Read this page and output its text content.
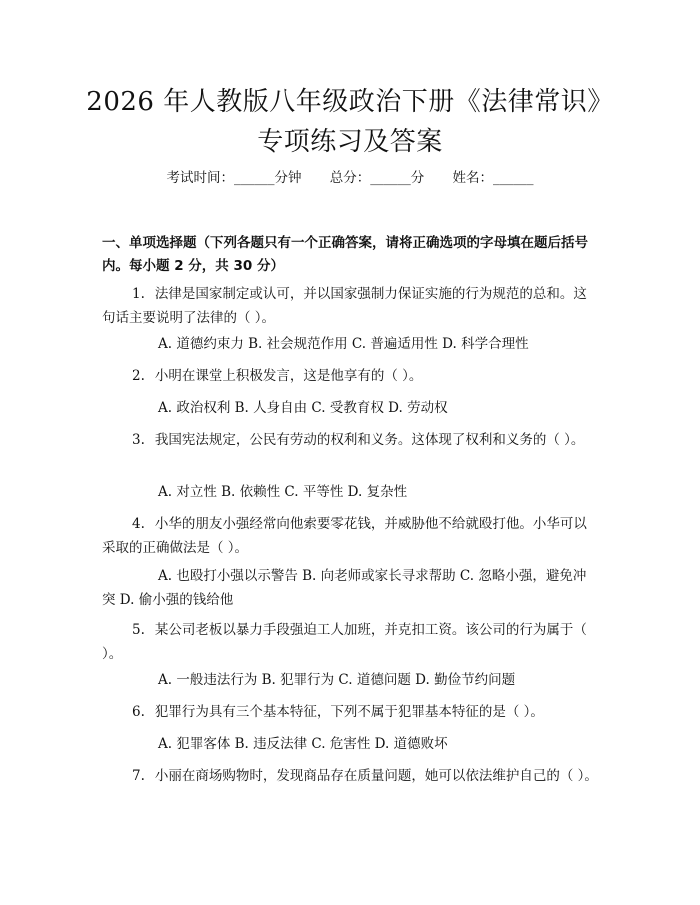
2026 年人教版八年级政治下册《法律常识》
专项练习及答案
考试时间：______分钟 总分：______分 姓名：______
一、单项选择题（下列各题只有一个正确答案，请将正确选项的字母填在题后括号内。每小题 2 分，共 30 分）
1. 法律是国家制定或认可，并以国家强制力保证实施的行为规范的总和。这句话主要说明了法律的（ ）。
A. 道德约束力 B. 社会规范作用 C. 普遍适用性 D. 科学合理性
2. 小明在课堂上积极发言，这是他享有的（ ）。
A. 政治权利 B. 人身自由 C. 受教育权 D. 劳动权
3. 我国宪法规定，公民有劳动的权利和义务。这体现了权利和义务的（ ）。
A. 对立性 B. 依赖性 C. 平等性 D. 复杂性
4. 小华的朋友小强经常向他索要零花钱，并威胁他不给就殴打他。小华可以采取的正确做法是（ ）。
A. 也殴打小强以示警告 B. 向老师或家长寻求帮助 C. 忽略小强，避免冲突 D. 偷小强的钱给他
5. 某公司老板以暴力手段强迫工人加班，并克扣工资。该公司的行为属于（ ）。
A. 一般违法行为 B. 犯罪行为 C. 道德问题 D. 勤俭节约问题
6. 犯罪行为具有三个基本特征，下列不属于犯罪基本特征的是（ ）。
A. 犯罪客体 B. 违反法律 C. 危害性 D. 道德败坏
7. 小丽在商场购物时，发现商品存在质量问题，她可以依法维护自己的（ ）。
